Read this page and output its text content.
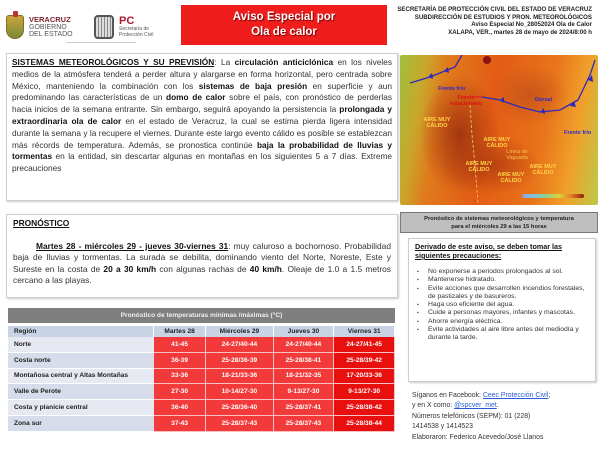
VERACRUZ
GOBIERNO
DEL ESTADO
PC
Secretaría de
Protección Civil
Aviso Especial por
Ola de calor
SECRETARÍA DE PROTECCIÓN CIVIL DEL ESTADO DE VERACRUZ
SUBDIRECCIÓN DE ESTUDIOS Y PRON. METEOROLÓGICOS
Aviso Especial No_28052024 Ola de Calor
XALAPA, VER., martes 28 de mayo de 2024/8:00 h
SISTEMAS METEOROLÓGICOS Y SU PREVISIÓN: La circulación anticiclónica en los niveles medios de la atmósfera tenderá a perder altura y alargarse en forma horizontal, pero centrada sobre México, manteniendo la combinación con los sistemas de baja presión en superficie y aun predominando las características de un domo de calor sobre el país, con pronóstico de perderlas hacia inicios de la semana entrante. Sin embargo, seguirá apoyando la persistencia la prolongada y extraordinaria ola de calor en el estado de Veracruz, la cual se estima pierda ligera intensidad durante la semana y la recupere el viernes. Durante este largo evento cálido es posible se establezcan más récords de temperatura. Además, se pronostica continúe baja la probabilidad de lluvias y tormentas en la entidad, sin descartar algunas en montañas en los siguientes 5 a 7 días. Extreme precauciones
Frente frío
Frente estacionario
Dorsal
Frente frío
AIRE MUY CÁLIDO
AIRE MUY CÁLIDO
AIRE MUY CÁLIDO
AIRE MUY CÁLIDO
AIRE MUY CÁLIDO
Línea de Vaguada
Pronóstico de sistemas meteorológicos y temperatura
para el miércoles 29 a las 15 horas
PRONÓSTICO
Martes 28 - miércoles 29 - jueves 30-viernes 31: muy caluroso a bochornoso. Probabilidad baja de lluvias y tormentas. La surada se debilita, dominando viento del Norte, Noreste, Este y Sureste en la costa de 20 a 30 km/h con algunas rachas de 40 km/h. Oleaje de 1.0 a 1.5 metros cercano a las playas.
Pronóstico de temperaturas mínimas /máximas (°C)				
Región	Martes 28	Miércoles 29	Jueves 30	Viernes 31
Norte	41-45	24-27/40-44	24-27/40-44	24-27/41-45
Costa norte	36-39	25-28/36-39	25-28/38-41	25-28/39-42
Montañosa central y Altas Montañas	33-36	18-21/33-36	18-21/32-35	17-20/33-36
Valle de Perote	27-30	10-14/27-30	9-13/27-30	9-13/27-30
Costa y planicie central	36-40	25-28/36-40	25-28/37-41	25-28/38-42
Zona sur	37-43	25-28/37-43	25-28/37-43	25-28/38-44
Derivado de este aviso, se deben tomar las siguientes precauciones:
▪ No exponerse a periodos prolongados al sol.
▪ Mantenerse hidratado.
▪ Evite acciones que desarrollen incendios forestales, de pastizales y de basureros.
▪ Haga uso eficiente del agua.
▪ Cuide a personas mayores, infantes y mascotas.
▪ Ahorre energía eléctrica.
▪ Evite actividades al aire libre antes del mediodía y durante la tarde.
Síganos en Facebook: Ceec Protección Civil;
y en X como: @spcver_met.
Números telefónicos (SEPM): 01 (228)
1414538 y 1414523
Elaboraron: Federico Acevedo/José Llanos
